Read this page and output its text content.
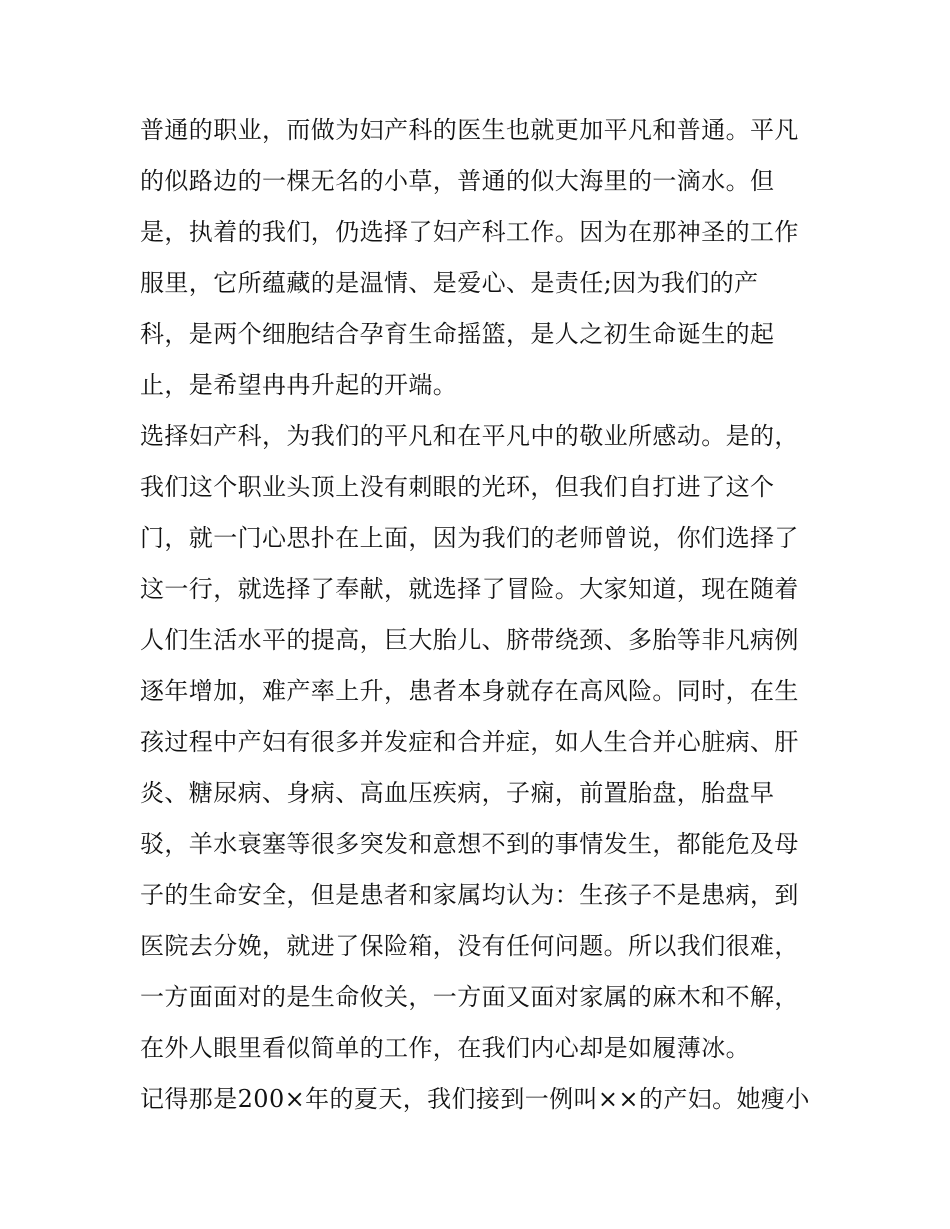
普通的职业，而做为妇产科的医生也就更加平凡和普通。平凡
的似路边的一棵无名的小草，普通的似大海里的一滴水。但
是，执着的我们，仍选择了妇产科工作。因为在那神圣的工作
服里，它所蕴藏的是温情、是爱心、是责任;因为我们的产
科，是两个细胞结合孕育生命摇篮，是人之初生命诞生的起
止，是希望冉冉升起的开端。
选择妇产科，为我们的平凡和在平凡中的敬业所感动。是的，
我们这个职业头顶上没有刺眼的光环，但我们自打进了这个
门，就一门心思扑在上面，因为我们的老师曾说，你们选择了
这一行，就选择了奉献，就选择了冒险。大家知道，现在随着
人们生活水平的提高，巨大胎儿、脐带绕颈、多胎等非凡病例
逐年增加，难产率上升，患者本身就存在高风险。同时，在生
孩过程中产妇有很多并发症和合并症，如人生合并心脏病、肝
炎、糖尿病、身病、高血压疾病，子痫，前置胎盘，胎盘早
驳，羊水衰塞等很多突发和意想不到的事情发生，都能危及母
子的生命安全，但是患者和家属均认为：生孩子不是患病，到
医院去分娩，就进了保险箱，没有任何问题。所以我们很难，
一方面面对的是生命攸关，一方面又面对家属的麻木和不解，
在外人眼里看似简单的工作，在我们内心却是如履薄冰。
记得那是200×年的夏天，我们接到一例叫××的产妇。她瘦小
